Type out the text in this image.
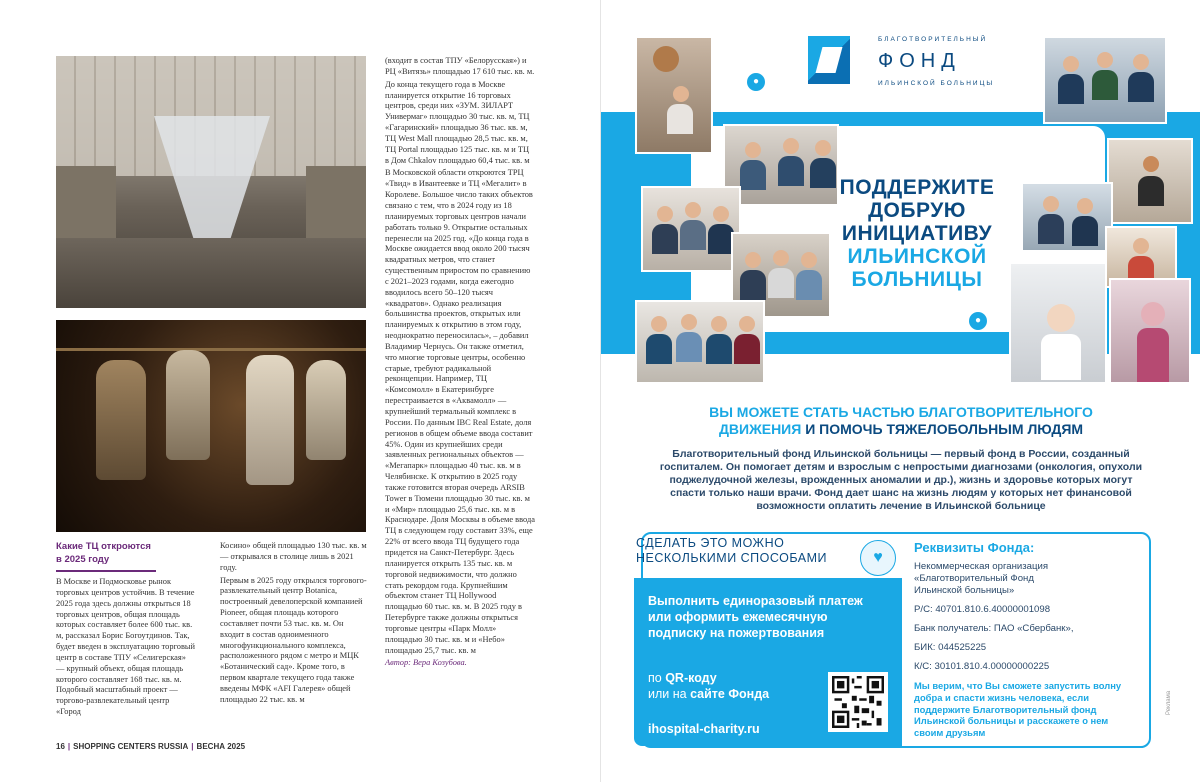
Какие ТЦ откроются
в 2025 году

В Москве и Подмосковье рынок торговых центров устойчив. В течение 2025 года здесь должны открыться 18 торговых центров, общая площадь которых составляет более 600 тыс. кв. м, рассказал Борис Богоутдинов. Так, будет введен в эксплуатацию торговый центр в составе ТПУ «Селигерская» — крупный объект, общая площадь которого составляет 168 тыс. кв. м. Подобный масштабный проект — торгово-развлекательный центр «Город

Косино» общей площадью 130 тыс. кв. м — открывался в столице лишь в 2021 году.

Первым в 2025 году открылся торгового-развлекательный центр Botanica, построенный девелоперской компанией Pioneer, общая площадь которого составляет почти 53 тыс. кв. м. Он входит в состав одноименного многофункционального комплекса, расположенного рядом с метро и МЦК «Ботанический сад». Кроме того, в первом квартале текущего года также введены МФК «AFI Галерея» общей площадью 22 тыс. кв. м

(входит в состав ТПУ «Белорусская») и РЦ «Витязь» площадью 17 610 тыс. кв. м.

До конца текущего года в Москве планируется открытие 16 торговых центров, среди них «ЗУМ. ЗИЛАРТ Универмаг» площадью 30 тыс. кв. м, ТЦ «Гагаринский» площадью 36 тыс. кв. м, ТЦ West Mall площадью 28,5 тыс. кв. м, ТЦ Portal площадью 125 тыс. кв. м и ТЦ в Дом Chkalov площадью 60,4 тыс. кв. м

В Московской области откроются ТРЦ «Твид» в Ивантеевке и ТЦ «Мегалит» в Королеве. Большое число таких объектов связано с тем, что в 2024 году из 18 планируемых торговых центров начали работать только 9. Открытие остальных перенесли на 2025 год. «До конца года в Москве ожидается ввод около 200 тысяч квадратных метров, что станет существенным приростом по сравнению с 2021–2023 годами, когда ежегодно вводилось всего 50–120 тысяч «квадратов». Однако реализация большинства проектов, открытых или планируемых к открытию в этом году, неоднократно переносилась», – добавил Владимир Чернусь. Он также отметил, что многие торговые центры, особенно старые, требуют радикальной реконцепции. Например, ТЦ «Комсомолл» в Екатеринбурге перестраивается в «Аквамолл» — крупнейший термальный комплекс в России. По данным IBC Real Estate, доля регионов в общем объеме ввода составит 45%. Один из крупнейших среди заявленных региональных объектов — «Мегапарк» площадью 40 тыс. кв. м в Челябинске. К открытию в 2025 году также готовится вторая очередь ARSIB Tower в Тюмени площадью 30 тыс. кв. м и «Мир» площадью 25,6 тыс. кв. м в Краснодаре. Доля Москвы в объеме ввода ТЦ в следующем году составит 33%, еще 22% от всего ввода ТЦ будущего года придется на Санкт-Петербург. Здесь планируется открыть 135 тыс. кв. м торговой недвижимости, что должно стать рекордом года. Крупнейшим объектом станет ТЦ Hollywood площадью 60 тыс. кв. м. В 2025 году в Петербурге также должны открыться торговые центры «Парк Молл» площадью 30 тыс. кв. м и «Небо» площадью 25,7 тыс. кв. м

Автор: Вера Козубова.

16 | SHOPPING CENTERS RUSSIA | ВЕСНА 2025
БЛАГОТВОРИТЕЛЬНЫЙ
ФОНД
ИЛЬИНСКОЙ БОЛЬНИЦЫ
●
●
ПОДДЕРЖИТЕ
ДОБРУЮ
ИНИЦИАТИВУ
ИЛЬИНСКОЙ
БОЛЬНИЦЫ
ВЫ МОЖЕТЕ СТАТЬ ЧАСТЬЮ БЛАГОТВОРИТЕЛЬНОГО
ДВИЖЕНИЯ И ПОМОЧЬ ТЯЖЕЛОБОЛЬНЫМ ЛЮДЯМ
Благотворительный фонд Ильинской больницы — первый фонд в России, созданный госпиталем. Он помогает детям и взрослым с непростыми диагнозами (онкология, опухоли поджелудочной железы, врожденных аномалии и др.), жизнь и здоровье которых могут спасти только наши врачи. Фонд дает шанс на жизнь людям у которых нет финансовой возможности оплатить лечение в Ильинской больнице
СДЕЛАТЬ ЭТО МОЖНО
НЕСКОЛЬКИМИ СПОСОБАМИ	♥
Выполнить единоразовый платеж или оформить ежемесячную подписку на пожертвования
по QR-коду
или на сайте Фонда
ihospital-charity.ru
Реквизиты Фонда:
Некоммерческая организация
«Благотворительный Фонд
Ильинской больницы»
Р/С: 40701.810.6.40000001098
Банк получатель: ПАО «Сбербанк»,
БИК: 044525225
К/С: 30101.810.4.00000000225
Мы верим, что Вы сможете запустить волну добра и спасти жизнь человека, если поддержите Благотворительный фонд Ильинской больницы и расскажете о нем своим друзьям
Реклама
